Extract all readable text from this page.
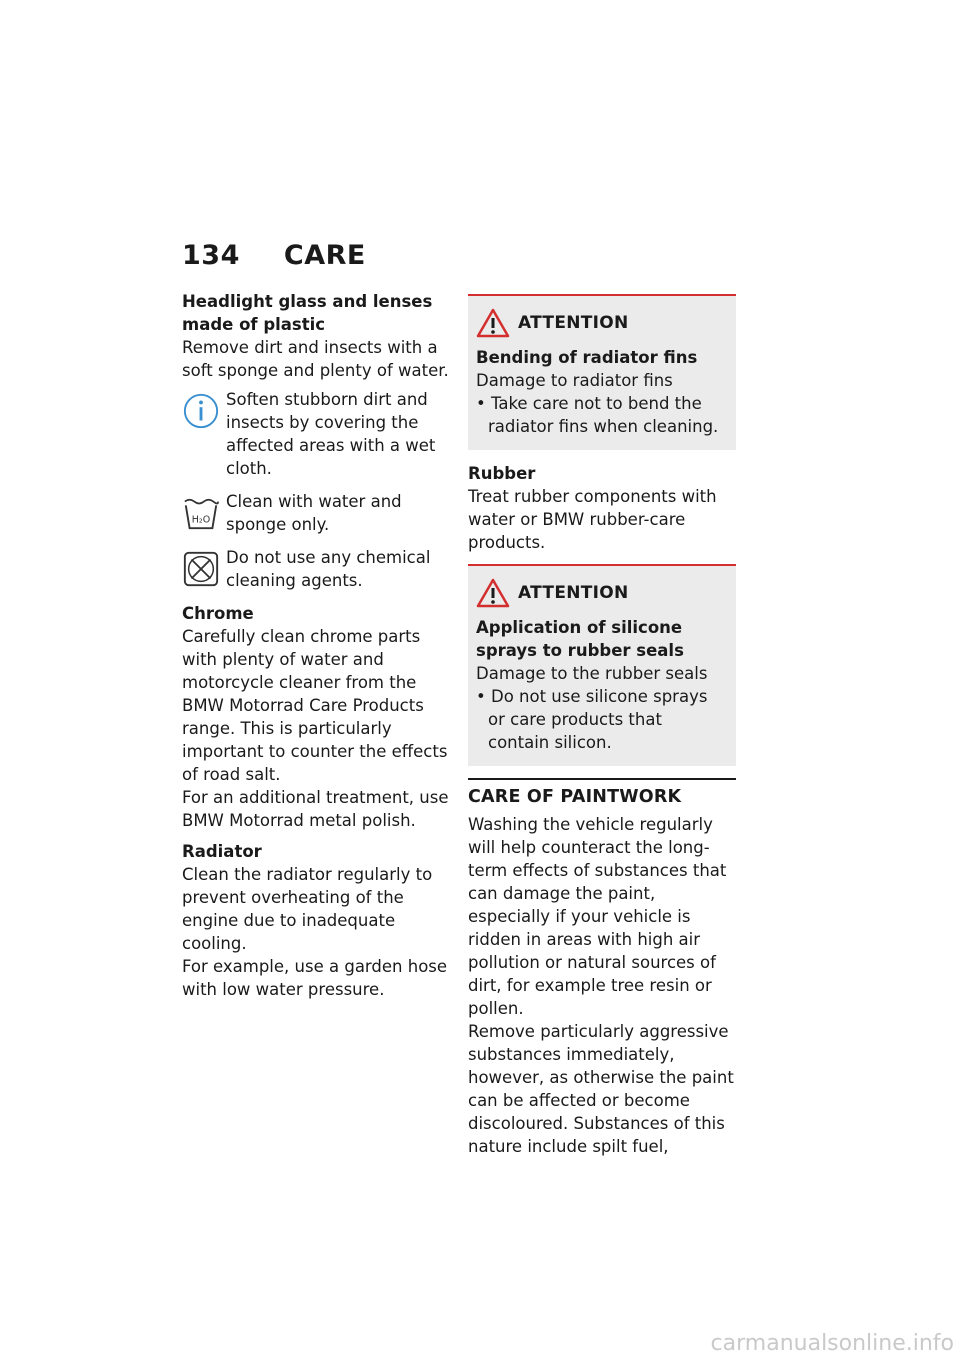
134 CARE

Headlight glass and lenses

made of plastic

Remove dirt and insects with a soft sponge and plenty of water.

Soften stubborn dirt and insects by covering the affected areas with a wet cloth.

H₂O

Clean with water and sponge only.

Do not use any chemical cleaning agents.

Chrome

Carefully clean chrome parts with plenty of water and motorcycle cleaner from the BMW Motorrad Care Products range. This is particularly important to counter the effects of road salt.

For an additional treatment, use BMW Motorrad metal polish.

Radiator

Clean the radiator regularly to prevent overheating of the engine due to inadequate cooling.

For example, use a garden hose with low water pressure.

ATTENTION

Bending of radiator fins

Damage to radiator fins

• Take care not to bend the radiator fins when cleaning.

Rubber

Treat rubber components with water or BMW rubber-care products.

ATTENTION

Application of silicone sprays to rubber seals

Damage to the rubber seals

• Do not use silicone sprays or care products that contain silicon.

CARE OF PAINTWORK

Washing the vehicle regularly will help counteract the long-term effects of substances that can damage the paint, especially if your vehicle is ridden in areas with high air pollution or natural sources of dirt, for example tree resin or pollen.

Remove particularly aggressive substances immediately, however, as otherwise the paint can be affected or become discoloured. Substances of this nature include spilt fuel,

carmanualsonline.info
